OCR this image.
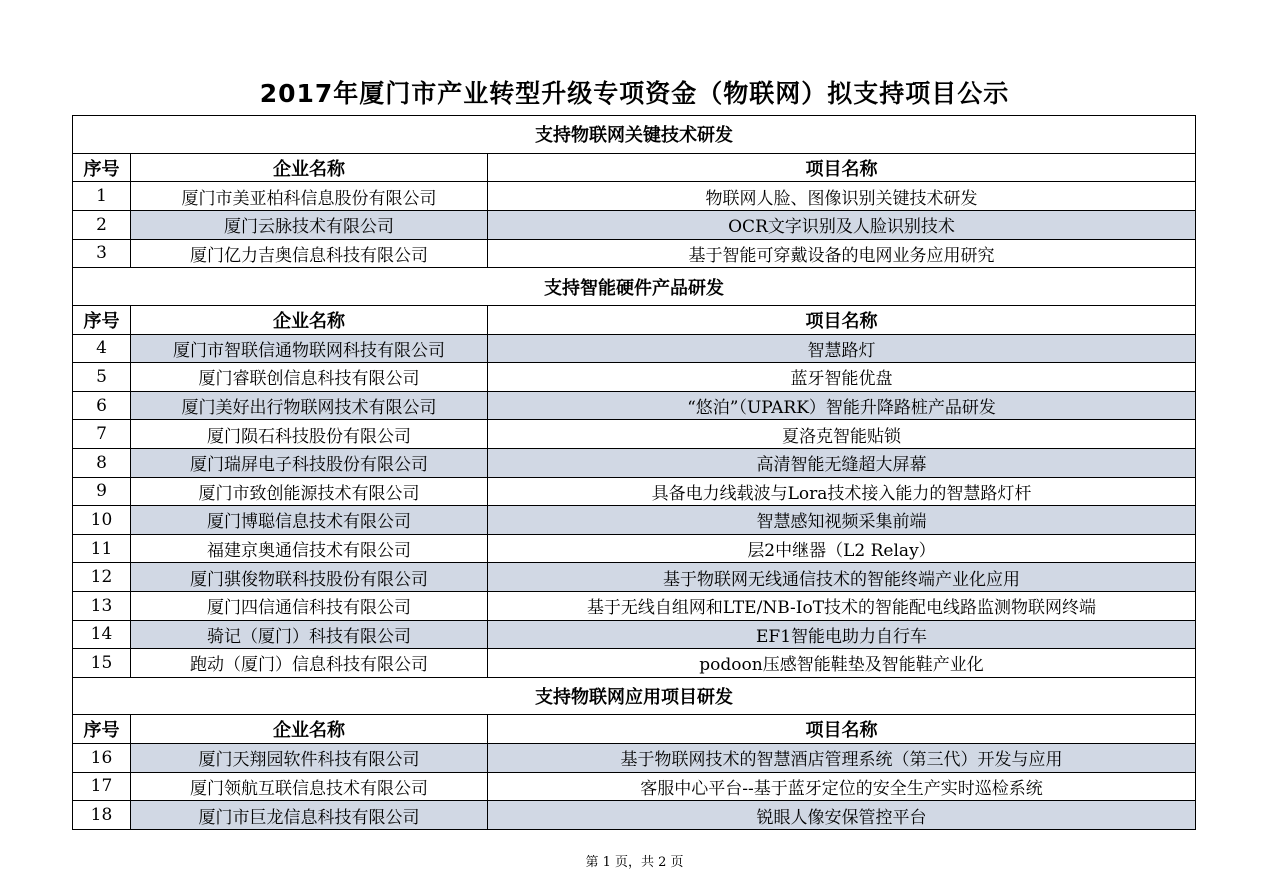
2017年厦门市产业转型升级专项资金（物联网）拟支持项目公示
支持物联网关键技术研发
序号	企业名称	项目名称
1	厦门市美亚柏科信息股份有限公司	物联网人脸、图像识别关键技术研发
2	厦门云脉技术有限公司	OCR文字识别及人脸识别技术
3	厦门亿力吉奥信息科技有限公司	基于智能可穿戴设备的电网业务应用研究
支持智能硬件产品研发
序号	企业名称	项目名称
4	厦门市智联信通物联网科技有限公司	智慧路灯
5	厦门睿联创信息科技有限公司	蓝牙智能优盘
6	厦门美好出行物联网技术有限公司	“悠泊”（UPARK）智能升降路桩产品研发
7	厦门陨石科技股份有限公司	夏洛克智能贴锁
8	厦门瑞屏电子科技股份有限公司	高清智能无缝超大屏幕
9	厦门市致创能源技术有限公司	具备电力线载波与Lora技术接入能力的智慧路灯杆
10	厦门博聪信息技术有限公司	智慧感知视频采集前端
11	福建京奥通信技术有限公司	层2中继器（L2 Relay）
12	厦门骐俊物联科技股份有限公司	基于物联网无线通信技术的智能终端产业化应用
13	厦门四信通信科技有限公司	基于无线自组网和LTE/NB-IoT技术的智能配电线路监测物联网终端
14	骑记（厦门）科技有限公司	EF1智能电助力自行车
15	跑动（厦门）信息科技有限公司	podoon压感智能鞋垫及智能鞋产业化
支持物联网应用项目研发
序号	企业名称	项目名称
16	厦门天翔园软件科技有限公司	基于物联网技术的智慧酒店管理系统（第三代）开发与应用
17	厦门领航互联信息技术有限公司	客服中心平台--基于蓝牙定位的安全生产实时巡检系统
18	厦门市巨龙信息科技有限公司	锐眼人像安保管控平台
第 1 页，共 2 页
